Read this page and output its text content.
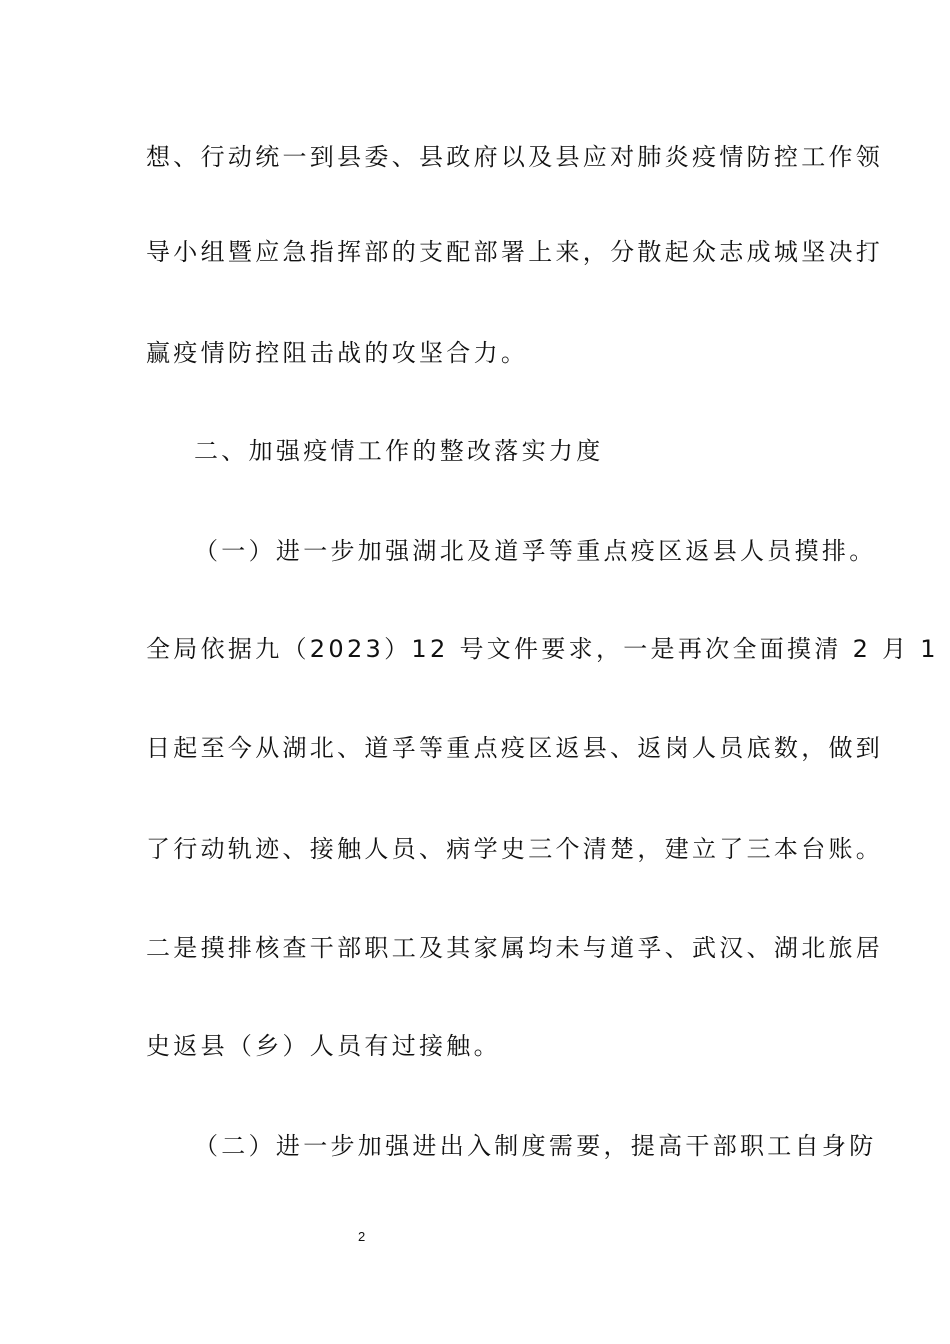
想、行动统一到县委、县政府以及县应对肺炎疫情防控工作领
导小组暨应急指挥部的支配部署上来，分散起众志成城坚决打
赢疫情防控阻击战的攻坚合力。
二、加强疫情工作的整改落实力度
（一）进一步加强湖北及道孚等重点疫区返县人员摸排。
全局依据九（2023）12 号文件要求，一是再次全面摸清 2 月 1
日起至今从湖北、道孚等重点疫区返县、返岗人员底数，做到
了行动轨迹、接触人员、病学史三个清楚，建立了三本台账。
二是摸排核查干部职工及其家属均未与道孚、武汉、湖北旅居
史返县（乡）人员有过接触。
（二）进一步加强进出入制度需要，提高干部职工自身防
2
